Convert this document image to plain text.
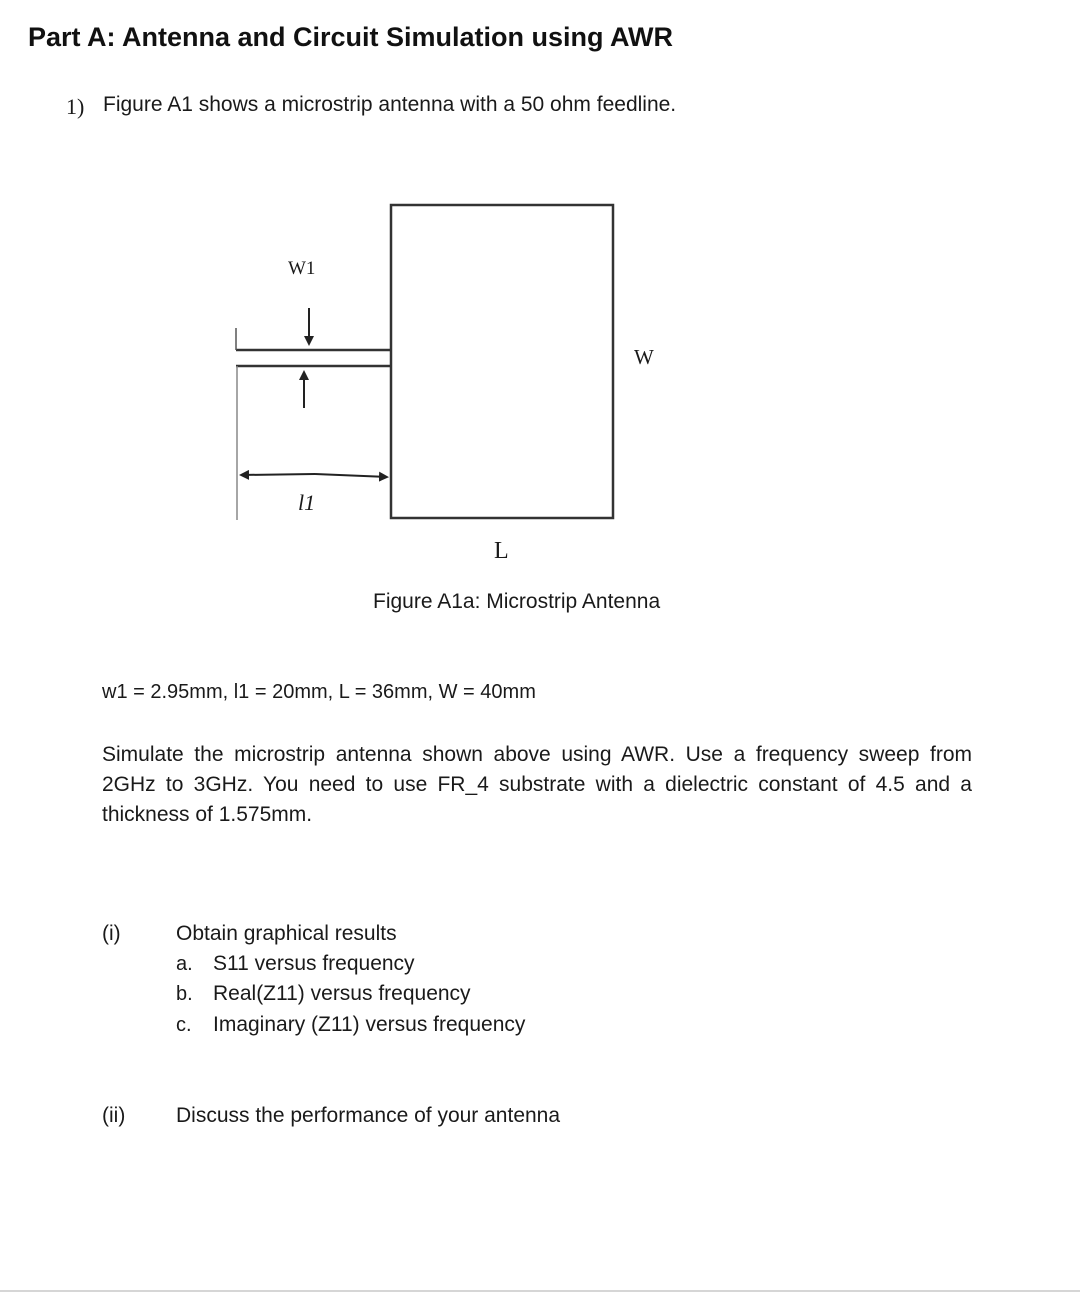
Part A: Antenna and Circuit Simulation using AWR
1) Figure A1 shows a microstrip antenna with a 50 ohm feedline.
W1
l1
W
L
Figure A1a: Microstrip Antenna
w1 = 2.95mm, l1 = 20mm, L = 36mm, W = 40mm
Simulate the microstrip antenna shown above using AWR. Use a frequency sweep from 2GHz to 3GHz. You need to use FR_4 substrate with a dielectric constant of 4.5 and a thickness of 1.575mm.
(i)	Obtain graphical results
a. S11 versus frequency
b. Real(Z11) versus frequency
c. Imaginary (Z11) versus frequency
(ii) Discuss the performance of your antenna
